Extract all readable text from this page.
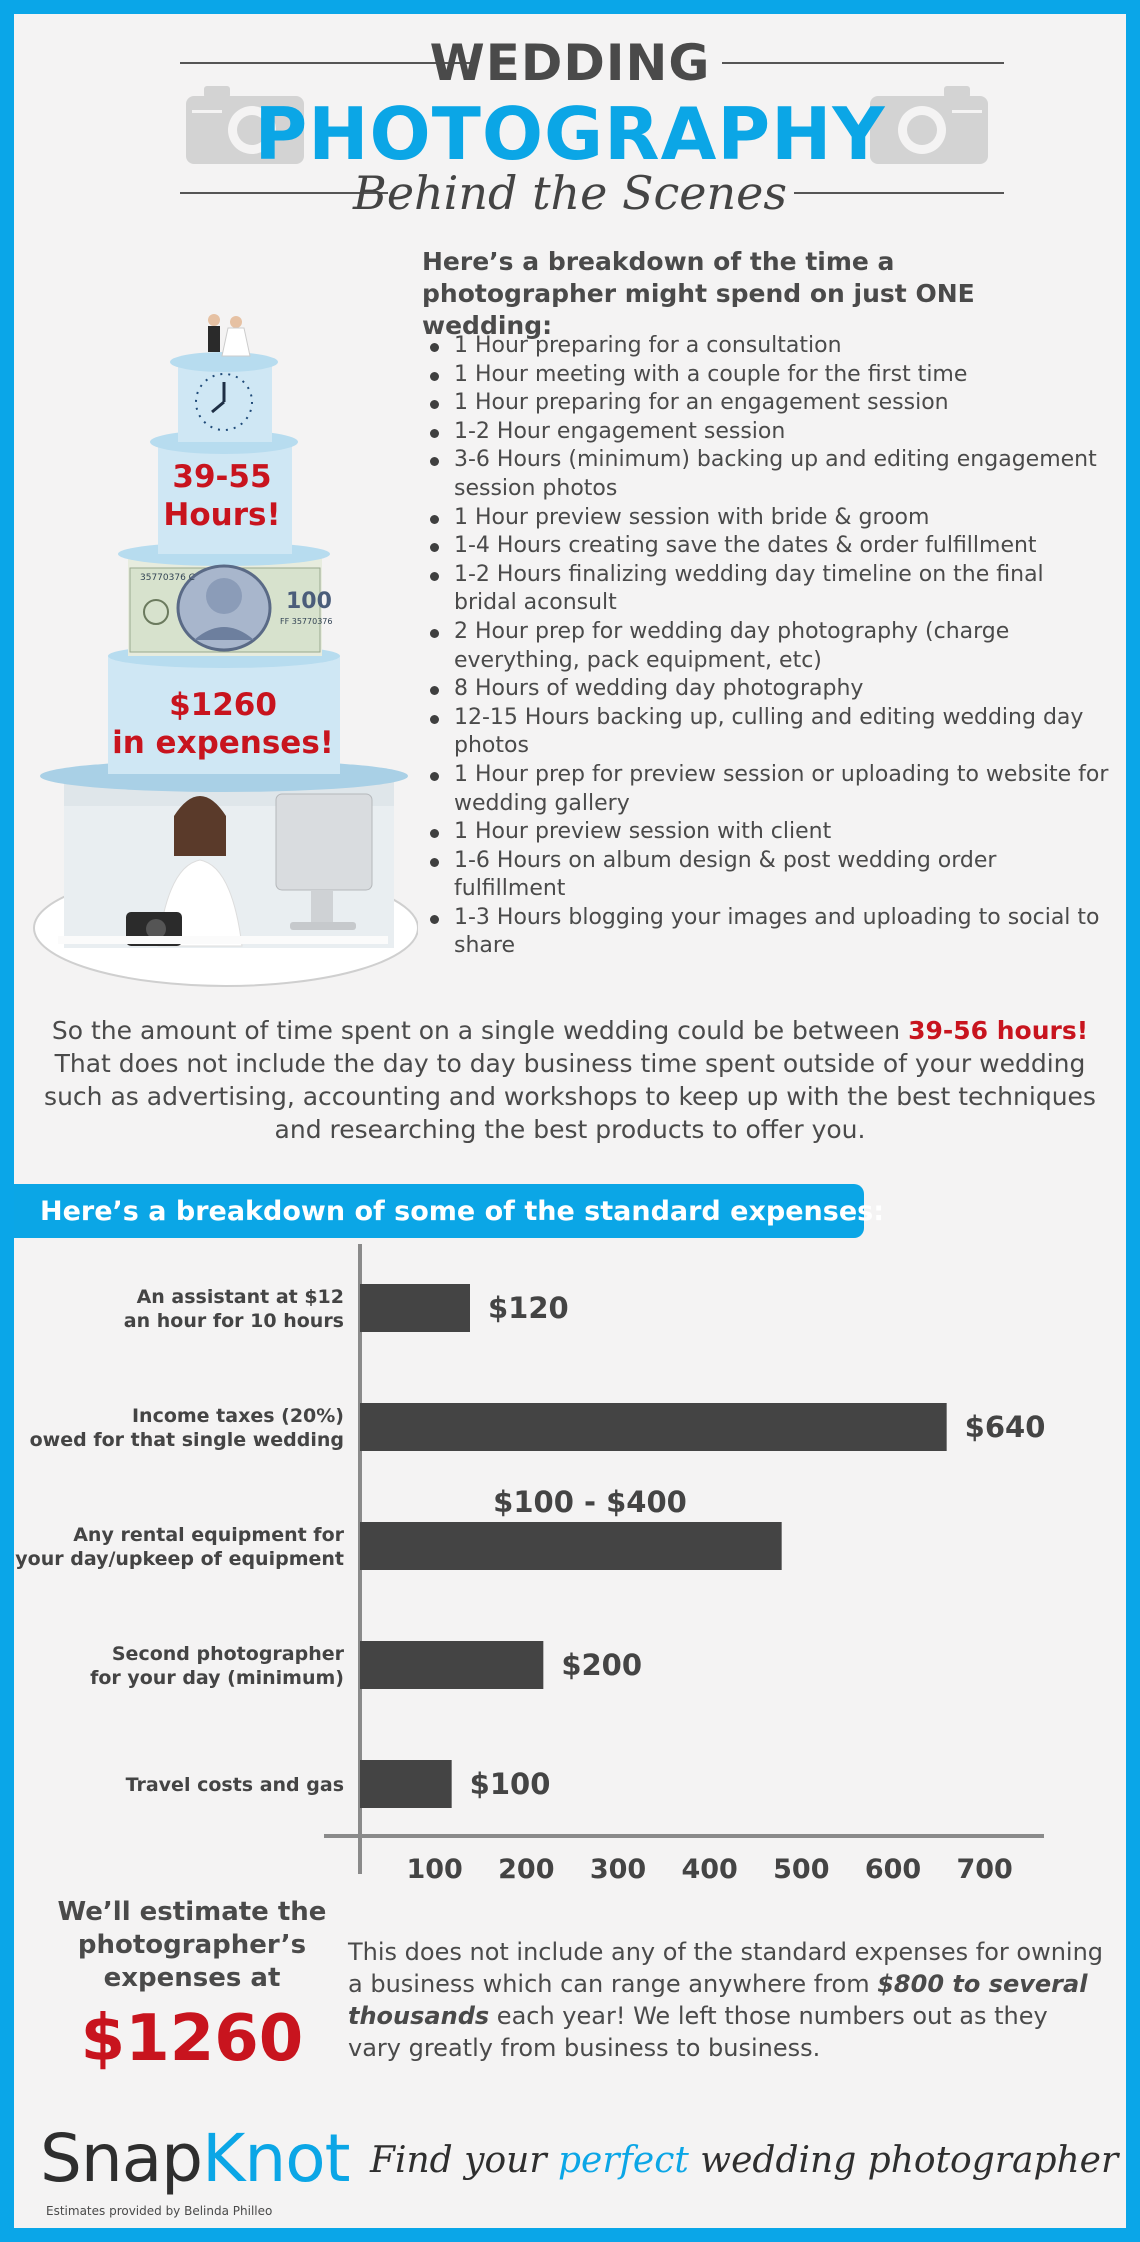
WEDDING
PHOTOGRAPHY
Behind the Scenes
35770376 C
FF 35770376
100
39-55
Hours!
$1260
in expenses!
Here’s a breakdown of the time a photographer might spend on just ONE wedding:
1 Hour preparing for a consultation
1 Hour meeting with a couple for the first time
1 Hour preparing for an engagement session
1-2 Hour engagement session
3-6 Hours (minimum) backing up and editing engagement session photos
1 Hour preview session with bride & groom
1-4 Hours creating save the dates & order fulfillment
1-2 Hours finalizing wedding day timeline on the final bridal aconsult
2 Hour prep for wedding day photography (charge everything, pack equipment, etc)
8 Hours of wedding day photography
12-15 Hours backing up, culling and editing wedding day photos
1 Hour prep for preview session or uploading to website for wedding gallery
1 Hour preview session with client
1-6 Hours on album design & post wedding order fulfillment
1-3 Hours blogging your images and uploading to social to share
So the amount of time spent on a single wedding could be between 39-56 hours! That does not include the day to day business time spent outside of your wedding such as advertising, accounting and workshops to keep up with the best techniques and researching the best products to offer you.
Here’s a breakdown of some of the standard expenses:
An assistant at $12
an hour for 10 hours	$120
Income taxes (20%)
owed for that single wedding	$640
Any rental equipment for
your day/upkeep of equipment
$100 - $400
Second photographer
for your day (minimum)	$200
Travel costs and gas	$100
100 200 300 400 500 600 700
We’ll estimate the photographer’s expenses at
$1260
This does not include any of the standard expenses for owning a business which can range anywhere from $800 to several thousands each year! We left those numbers out as they vary greatly from business to business.
SnapKnot
Estimates provided by Belinda Philleo
Find your perfect wedding photographer
